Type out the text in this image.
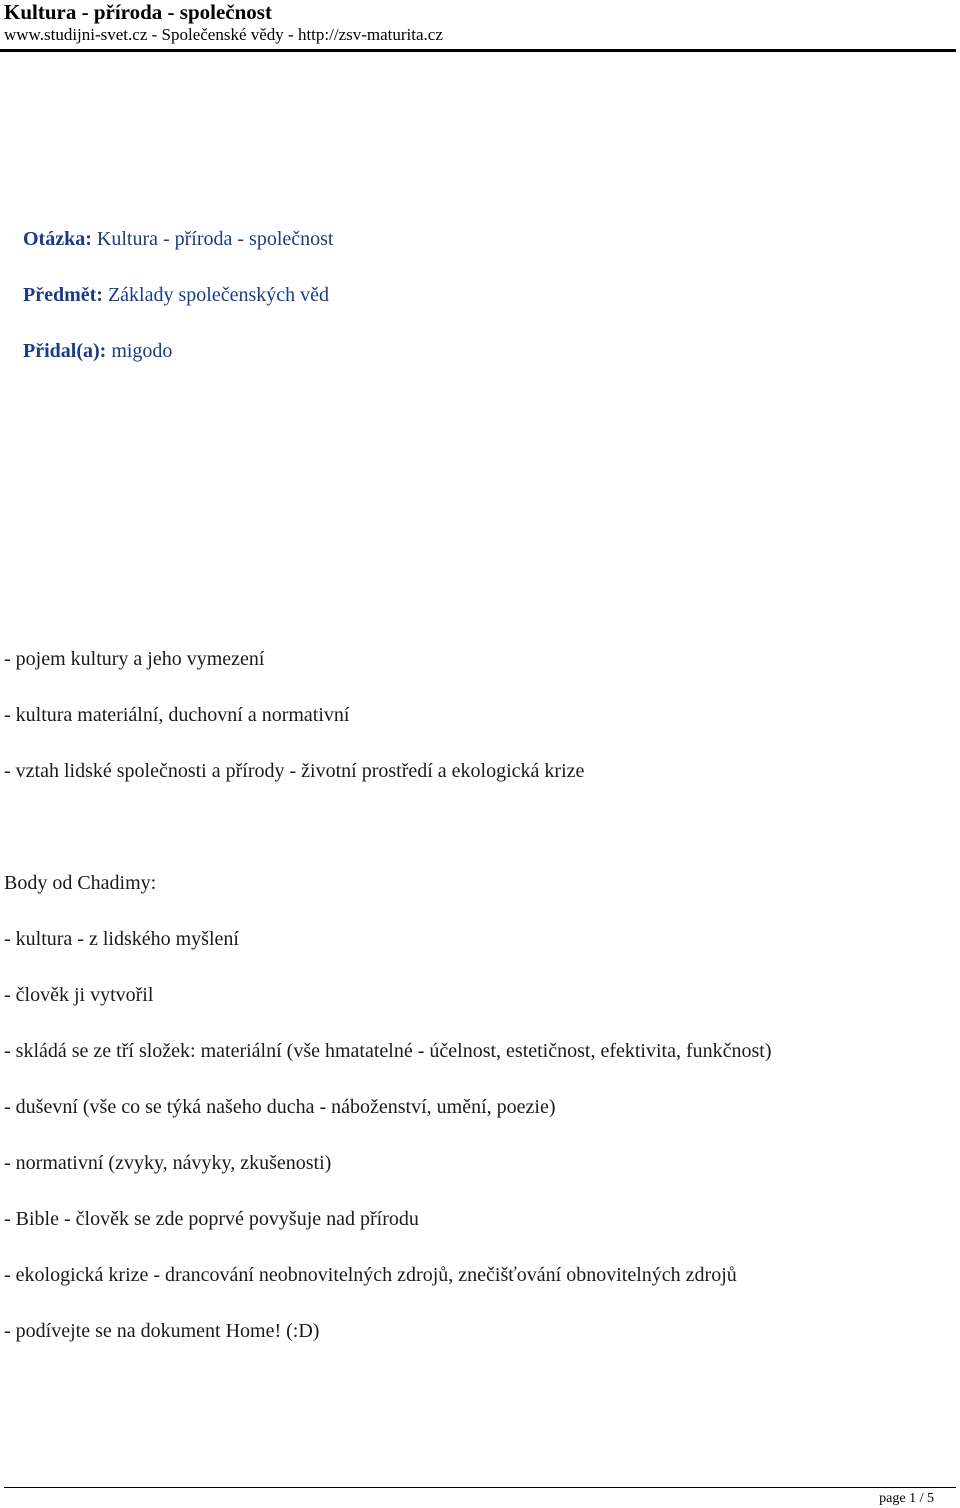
Kultura - příroda - společnost
www.studijni-svet.cz - Společenské vědy - http://zsv-maturita.cz
Otázka: Kultura - příroda - společnost
Předmět: Základy společenských věd
Přidal(a): migodo
- pojem kultury a jeho vymezení
- kultura materiální, duchovní a normativní
- vztah lidské společnosti a přírody - životní prostředí a ekologická krize
Body od Chadimy:
- kultura - z lidského myšlení
- člověk ji vytvořil
- skládá se ze tří složek: materiální (vše hmatatelné - účelnost, estetičnost, efektivita, funkčnost)
- duševní (vše co se týká našeho ducha - náboženství, umění, poezie)
- normativní (zvyky, návyky, zkušenosti)
- Bible - člověk se zde poprvé povyšuje nad přírodu
- ekologická krize - drancování neobnovitelných zdrojů, znečišťování obnovitelných zdrojů
- podívejte se na dokument Home! (:D)
page 1 / 5
